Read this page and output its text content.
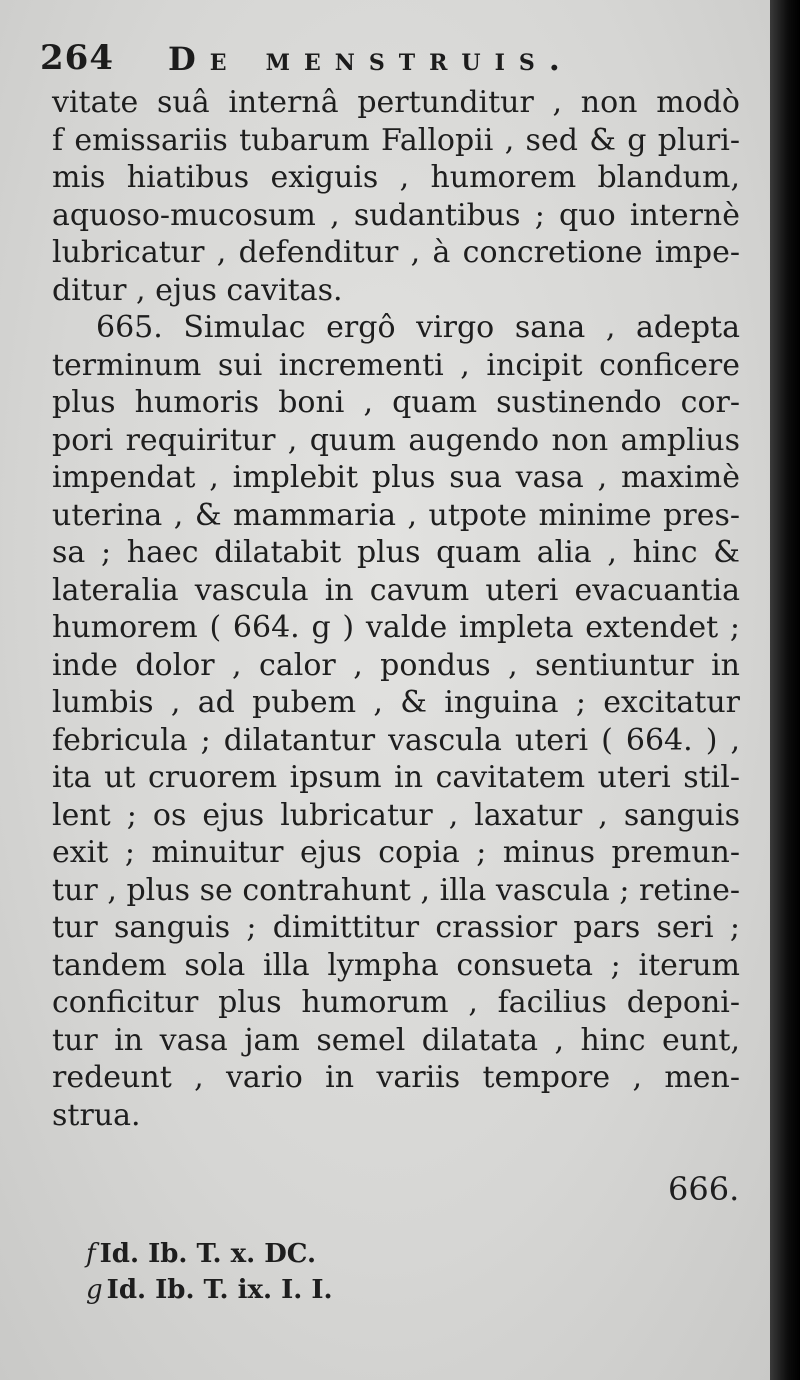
264 De menstruis.
vitate suâ internâ pertunditur , non modò
f emissariis tubarum Fallopii , sed & g pluri-
mis hiatibus exiguis , humorem blandum,
aquoso-mucosum , sudantibus ; quo internè
lubricatur , defenditur , à concretione impe-
ditur , ejus cavitas.
665. Simulac ergô virgo sana , adepta
terminum sui incrementi , incipit conficere
plus humoris boni , quam sustinendo cor-
pori requiritur , quum augendo non amplius
impendat , implebit plus sua vasa , maximè
uterina , & mammaria , utpote minime pres-
sa ; haec dilatabit plus quam alia , hinc &
lateralia vascula in cavum uteri evacuantia
humorem ( 664. g ) valde impleta extendet ;
inde dolor , calor , pondus , sentiuntur in
lumbis , ad pubem , & inguina ; excitatur
febricula ; dilatantur vascula uteri ( 664. ) ,
ita ut cruorem ipsum in cavitatem uteri stil-
lent ; os ejus lubricatur , laxatur , sanguis
exit ; minuitur ejus copia ; minus premun-
tur , plus se contrahunt , illa vascula ; retine-
tur sanguis ; dimittitur crassior pars seri ;
tandem sola illa lympha consueta ; iterum
conficitur plus humorum , facilius deponi-
tur in vasa jam semel dilatata , hinc eunt,
redeunt , vario in variis tempore , men-
strua.
666.
f Id. Ib. T. x. DC.
g Id. Ib. T. ix. I. I.
